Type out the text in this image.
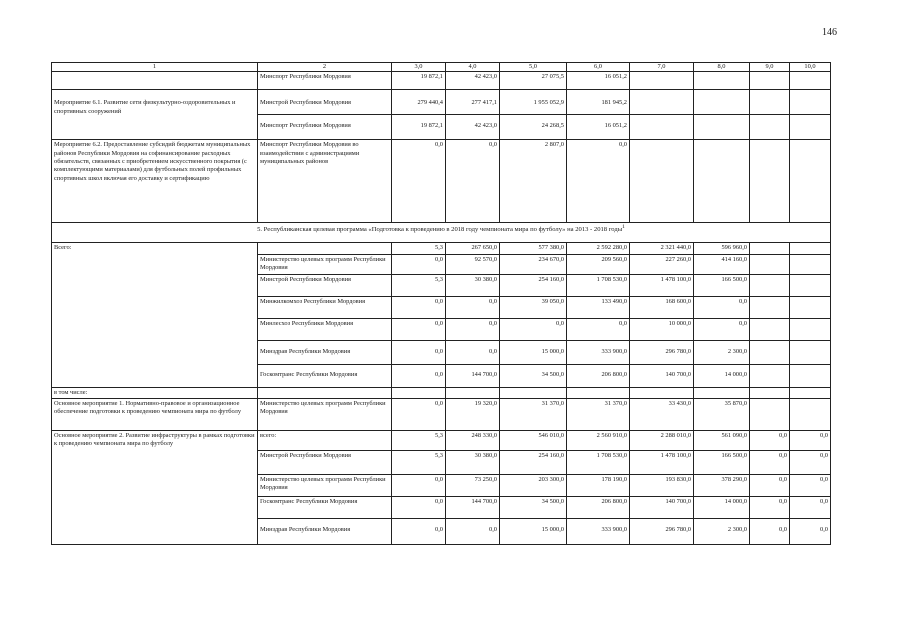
146
1	2	3,0	4,0	5,0	6,0	7,0	8,0	9,0	10,0
	Минспорт Республики Мордовия	19 872,1	42 423,0	27 075,5	16 051,2				
Мероприятие 6.1. Развитие сети физкультурно-оздоровительных и спортивных сооружений	Минстрой Республики Мордовия	279 440,4	277 417,1	1 955 052,9	181 945,2				
	Минспорт Республики Мордовия	19 872,1	42 423,0	24 268,5	16 051,2				
Мероприятие 6.2. Предоставление субсидий бюджетам муниципальных районов Республики Мордовия на софинансирование расходных обязательств, связанных с приобретением искусственного покрытия (с комплектующими материалами) для футбольных полей профильных спортивных школ включая его доставку и сертификацию	Минспорт Республики Мордовия во взаимодействии с администрациями муниципальных районов	0,0	0,0	2 807,0	0,0				
5. Республиканская целевая программа «Подготовка к проведению в 2018 году чемпионата мира по футболу» на 2013 - 2018 годы$^1$
Всего:		5,3	267 650,0	577 380,0	2 592 280,0	2 321 440,0	596 960,0		
	Министерство целевых программ Республики Мордовия	0,0	92 570,0	234 670,0	209 560,0	227 260,0	414 160,0		
	Минстрой Республики Мордовия	5,3	30 380,0	254 160,0	1 708 530,0	1 478 100,0	166 500,0		
	Минжилкомхоз Республики Мордовия	0,0	0,0	39 050,0	133 490,0	168 600,0	0,0		
	Минлесхоз Республики Мордовия	0,0	0,0	0,0	0,0	10 000,0	0,0		
	Минздрав Республики Мордовия	0,0	0,0	15 000,0	333 900,0	296 780,0	2 300,0		
	Госкомтранс Республики Мордовия	0,0	144 700,0	34 500,0	206 800,0	140 700,0	14 000,0		
в том числе:									
Основное мероприятие 1. Нормативно-правовое и организационное обеспечение подготовки к проведению чемпионата мира по футболу	Министерство целевых программ Республики Мордовия	0,0	19 320,0	31 370,0	31 370,0	33 430,0	35 870,0		
Основное мероприятие 2. Развитие инфраструктуры в рамках подготовки к проведению чемпионата мира по футболу	всего:	5,3	248 330,0	546 010,0	2 560 910,0	2 288 010,0	561 090,0	0,0	0,0
	Минстрой Республики Мордовия	5,3	30 380,0	254 160,0	1 708 530,0	1 478 100,0	166 500,0	0,0	0,0
	Министерство целевых программ Республики Мордовия	0,0	73 250,0	203 300,0	178 190,0	193 830,0	378 290,0	0,0	0,0
	Госкомтранс Республики Мордовия	0,0	144 700,0	34 500,0	206 800,0	140 700,0	14 000,0	0,0	0,0
	Минздрав Республики Мордовия	0,0	0,0	15 000,0	333 900,0	296 780,0	2 300,0	0,0	0,0
